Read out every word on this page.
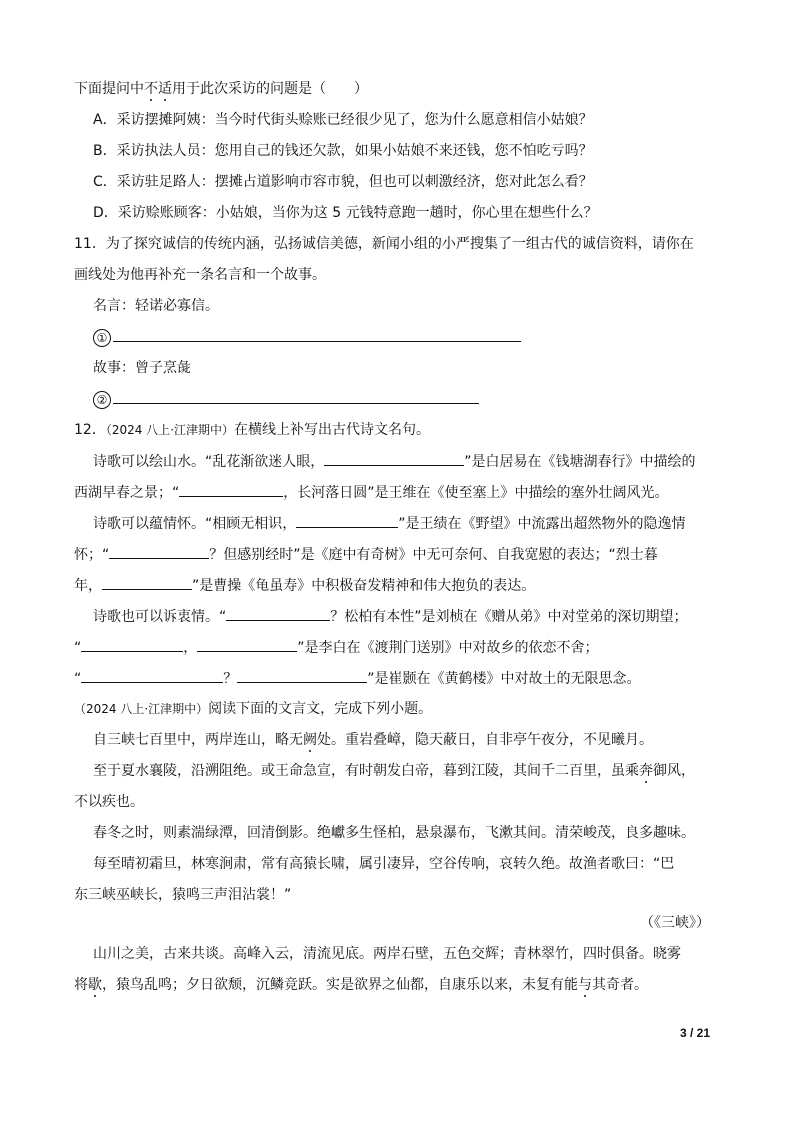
下面提问中不适用于此次采访的问题是（　　）
A．采访摆摊阿姨：当今时代街头赊账已经很少见了，您为什么愿意相信小姑娘？
B．采访执法人员：您用自己的钱还欠款，如果小姑娘不来还钱，您不怕吃亏吗？
C．采访驻足路人：摆摊占道影响市容市貌，但也可以刺激经济，您对此怎么看？
D．采访赊账顾客：小姑娘，当你为这 5 元钱特意跑一趟时，你心里在想些什么？
11．为了探究诚信的传统内涵，弘扬诚信美德，新闻小组的小严搜集了一组古代的诚信资料，请你在
画线处为他再补充一条名言和一个故事。
名言：轻诺必寡信。
①
故事：曾子烹彘
②
12．（2024 八上·江津期中）在横线上补写出古代诗文名句。
诗歌可以绘山水。“乱花渐欲迷人眼，	”是白居易在《钱塘湖春行》中描绘的
西湖早春之景；“	，长河落日圆”是王维在《使至塞上》中描绘的塞外壮阔风光。
诗歌可以蕴情怀。“相顾无相识，	”是王绩在《野望》中流露出超然物外的隐逸情
怀；“	？但感别经时”是《庭中有奇树》中无可奈何、自我宽慰的表达；“烈士暮
年，	”是曹操《龟虽寿》中积极奋发精神和伟大抱负的表达。
诗歌也可以诉衷情。“	？松柏有本性”是刘桢在《赠从弟》中对堂弟的深切期望；
“	，	”是李白在《渡荆门送别》中对故乡的依恋不舍；
“	？	”是崔颢在《黄鹤楼》中对故土的无限思念。
（2024 八上·江津期中）阅读下面的文言文，完成下列小题。
自三峡七百里中，两岸连山，略无阙处。重岩叠嶂，隐天蔽日，自非亭午夜分，不见曦月。
至于夏水襄陵，沿溯阻绝。或王命急宣，有时朝发白帝，暮到江陵，其间千二百里，虽乘奔御风，
不以疾也。
春冬之时，则素湍绿潭，回清倒影。绝巘多生怪柏，悬泉瀑布，飞漱其间。清荣峻茂，良多趣味。
每至晴初霜旦，林寒涧肃，常有高猿长啸，属引凄异，空谷传响，哀转久绝。故渔者歌曰：“巴
东三峡巫峡长，猿鸣三声泪沾裳！”
（《三峡》）
山川之美，古来共谈。高峰入云，清流见底。两岸石壁，五色交辉；青林翠竹，四时俱备。晓雾
将歇，猿鸟乱鸣；夕日欲颓，沉鳞竞跃。实是欲界之仙都，自康乐以来，未复有能与其奇者。
3 / 21
